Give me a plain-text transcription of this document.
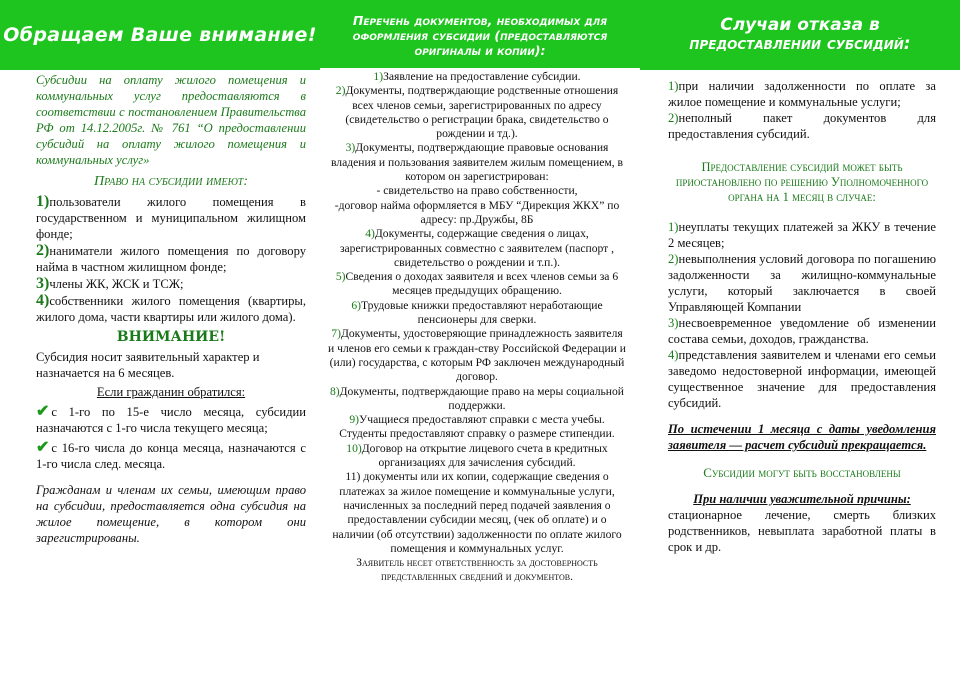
Обращаем Ваше внимание!

Субсидии на оплату жилого помещения и коммунальных услуг предоставляются в соответствии с постановлением Правительства РФ от 14.12.2005г. № 761 “О предоставлении субсидий на оплату жилого помещения и коммунальных услуг»

Право на субсидии имеют:

1)пользователи жилого помещения в государственном и муниципальном жилищном фонде;

2)наниматели жилого помещения по договору найма в частном жилищном фонде;

3)члены ЖК, ЖСК и ТСЖ;

4)собственники жилого помещения (квартиры, жилого дома, части квартиры или жилого дома).

ВНИМАНИЕ!

Субсидия носит заявительный характер и назначается на 6 месяцев.

Если гражданин обратился:

✔ с 1-го по 15-е число месяца, субсидии назначаются с 1-го числа текущего месяца;

✔ с 16-го числа до конца месяца, назначаются с 1-го числа след. месяца.

Гражданам и членам их семьи, имеющим право на субсидии, предоставляется одна субсидия на жилое помещение, в котором они зарегистрированы.

Перечень документов, необходимых для оформления субсидии (предоставляются оригиналы и копии):

1)Заявление на предоставление субсидии.

2)Документы, подтверждающие родственные отношения всех членов семьи, зарегистрированных по адресу (свидетельство о регистрации брака, свидетельство о рождении и тд.).

3)Документы, подтверждающие правовые основания владения и пользования заявителем жилым помещением, в котором он зарегистрирован:

- свидетельство на право собственности,

-договор найма оформляется в МБУ “Дирекция ЖКХ” по адресу: пр.Дружбы, 8Б

4)Документы, содержащие сведения о лицах, зарегистрированных совместно с заявителем (паспорт , свидетельство о рождении и т.п.).

5)Сведения о доходах заявителя и всех членов семьи за 6 месяцев предыдущих обращению.

6)Трудовые книжки предоставляют неработающие пенсионеры для сверки.

7)Документы, удостоверяющие принадлежность заявителя и членов его семьи к граждан-ству Российской Федерации и (или) государства, с которым РФ заключен международный договор.

8)Документы, подтверждающие право на меры социальной поддержки.

9)Учащиеся предоставляют справки с места учебы. Студенты предоставляют справку о размере стипендии.

10)Договор на открытие лицевого счета в кредитных организациях для зачисления субсидий.

11) документы или их копии, содержащие сведения о платежах за жилое помещение и коммунальные услуги, начисленных за последний перед подачей заявления о предоставлении субсидии месяц, (чек об оплате) и о наличии (об отсутствии) задолженности по оплате жилого помещения и коммунальных услуг.

Заявитель несет ответственность за достоверность представленных сведений и документов.

Случаи отказа в
предоставлении субсидий:

1)при наличии задолженности по оплате за жилое помещение и коммунальные услуги;

2)неполный пакет документов для предоставления субсидий.

Предоставление субсидий может быть приостановлено по решению Уполномоченного органа на 1 месяц в случае:

1)неуплаты текущих платежей за ЖКУ в течение 2 месяцев;

2)невыполнения условий договора по погашению задолженности за жилищно-коммунальные услуги, который заключается в своей Управляющей Компании

3)несвоевременное уведомление об изменении состава семьи, доходов, гражданства.

4)представления заявителем и членами его семьи заведомо недостоверной информации, имеющей существенное значение для предоставления субсидий.

По истечении 1 месяца с даты уведомления заявителя — расчет субсидий прекращается.

Субсидии могут быть восстановлены

При наличии уважительной причины:

стационарное лечение, смерть близких родственников, невыплата заработной платы в срок и др.
